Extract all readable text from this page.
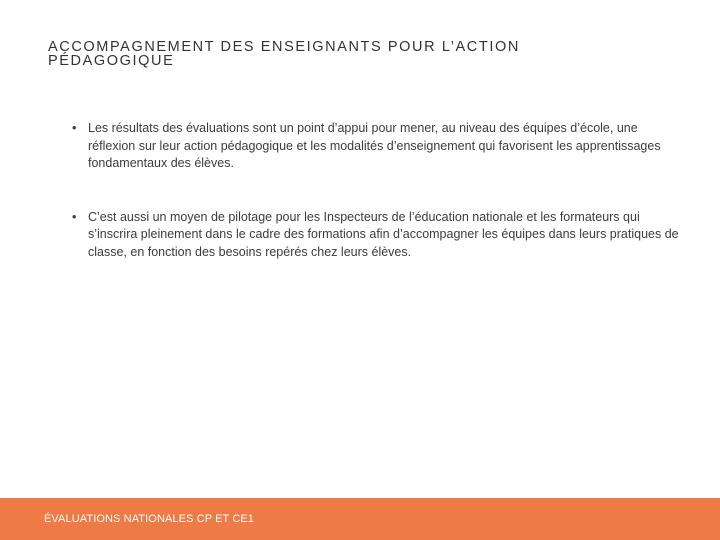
ACCOMPAGNEMENT DES ENSEIGNANTS POUR L’ACTION PÉDAGOGIQUE
• Les résultats des évaluations sont un point d’appui pour mener, au niveau des équipes d’école, une réflexion sur leur action pédagogique et les modalités d’enseignement qui favorisent les apprentissages fondamentaux des élèves.
• C’est aussi un moyen de pilotage pour les Inspecteurs de l’éducation nationale et les formateurs qui s’inscrira pleinement dans le cadre des formations afin d’accompagner les équipes dans leurs pratiques de classe, en fonction des besoins repérés chez leurs élèves.
ÉVALUATIONS NATIONALES CP ET CE1
